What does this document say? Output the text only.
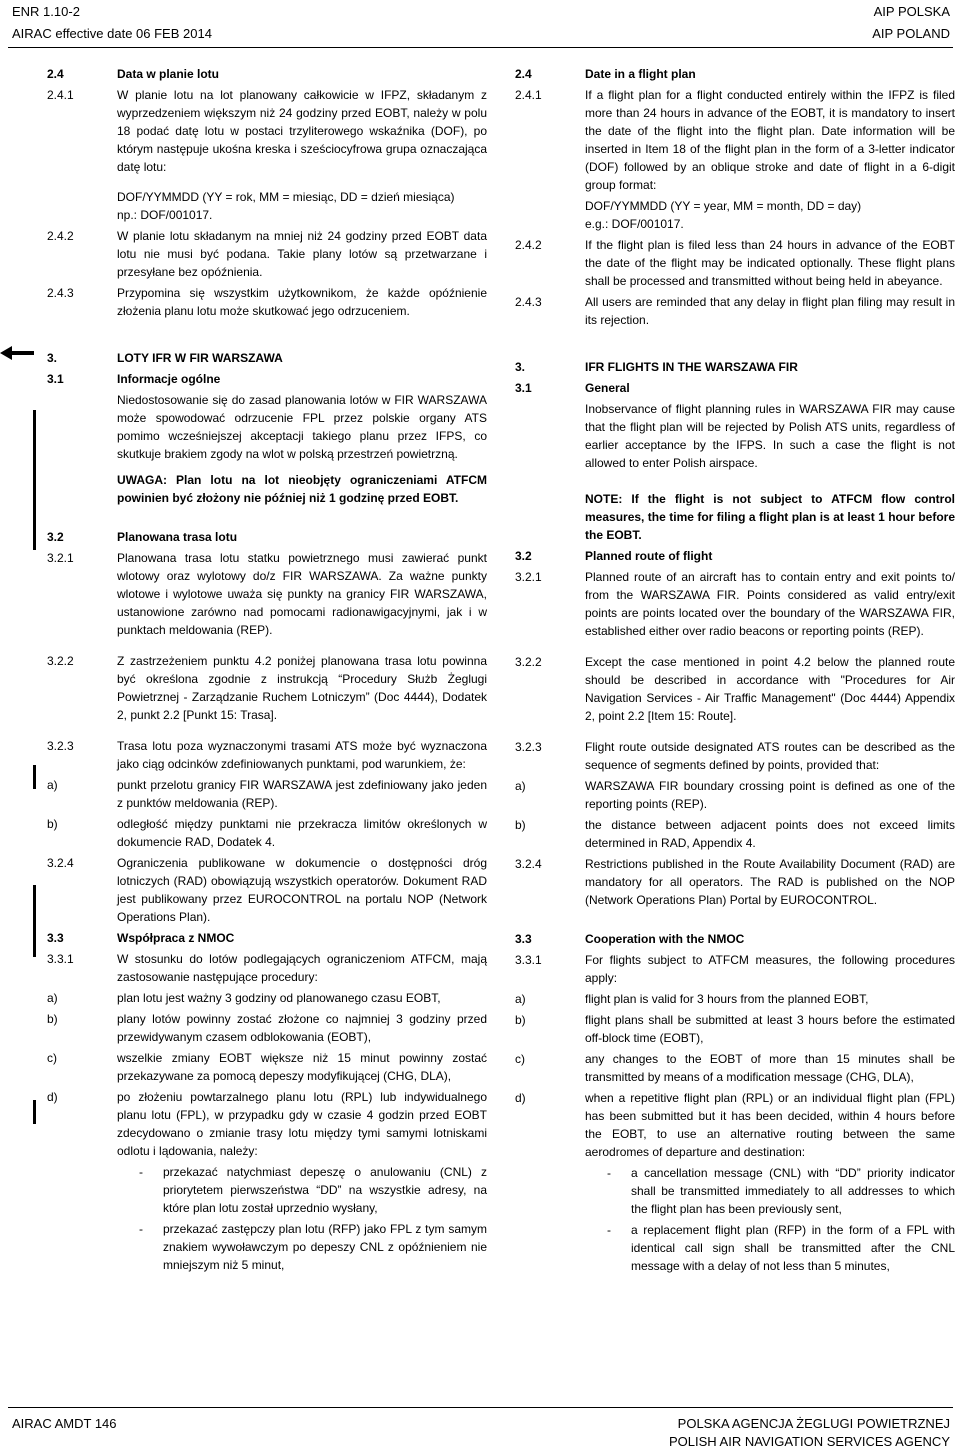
ENR 1.10-2
AIRAC effective date 06 FEB 2014
AIP POLSKA
AIP POLAND
2.4	Data w planie lotu
2.4.1	W planie lotu na lot planowany całkowicie w IFPZ, składanym z wyprzedzeniem większym niż 24 godziny przed EOBT, należy w polu 18 podać datę lotu w postaci trzyliterowego wskaźnika (DOF), po którym następuje ukośna kreska i sześciocyfrowa grupa oznaczająca datę lotu:
DOF/YYMMDD (YY = rok, MM = miesiąc, DD = dzień miesiąca)
np.: DOF/001017.
2.4.2	W planie lotu składanym na mniej niż 24 godziny przed EOBT data lotu nie musi być podana. Takie plany lotów są przetwarzane i przesyłane bez opóźnienia.
2.4.3	Przypomina się wszystkim użytkownikom, że każde opóźnienie złożenia planu lotu może skutkować jego odrzuceniem.
3.	LOTY IFR W FIR WARSZAWA
3.1	Informacje ogólne
Niedostosowanie się do zasad planowania lotów w FIR WARSZAWA może spowodować odrzucenie FPL przez polskie organy ATS pomimo wcześniejszej akceptacji takiego planu przez IFPS, co skutkuje brakiem zgody na wlot w polską przestrzeń powietrzną.
UWAGA: Plan lotu na lot nieobjęty ograniczeniami ATFCM powinien być złożony nie później niż 1 godzinę przed EOBT.
3.2	Planowana trasa lotu
3.2.1	Planowana trasa lotu statku powietrznego musi zawierać punkt wlotowy oraz wylotowy do/z FIR WARSZAWA. Za ważne punkty wlotowe i wylotowe uważa się punkty na granicy FIR WARSZAWA, ustanowione zarówno nad pomocami radionawigacyjnymi, jak i w punktach meldowania (REP).
3.2.2	Z zastrzeżeniem punktu 4.2 poniżej planowana trasa lotu powinna być określona zgodnie z instrukcją “Procedury Służb Żeglugi Powietrznej - Zarządzanie Ruchem Lotniczym” (Doc 4444), Dodatek 2, punkt 2.2 [Punkt 15: Trasa].
3.2.3	Trasa lotu poza wyznaczonymi trasami ATS może być wyznaczona jako ciąg odcinków zdefiniowanych punktami, pod warunkiem, że:
a)	punkt przelotu granicy FIR WARSZAWA jest zdefiniowany jako jeden z punktów meldowania (REP).
b)	odległość między punktami nie przekracza limitów określonych w dokumencie RAD, Dodatek 4.
3.2.4	Ograniczenia publikowane w dokumencie o dostępności dróg lotniczych (RAD) obowiązują wszystkich operatorów. Dokument RAD jest publikowany przez EUROCONTROL na portalu NOP (Network Operations Plan).
3.3	Współpraca z NMOC
3.3.1	W stosunku do lotów podlegających ograniczeniom ATFCM, mają zastosowanie następujące procedury:
a)	plan lotu jest ważny 3 godziny od planowanego czasu EOBT,
b)	plany lotów powinny zostać złożone co najmniej 3 godziny przed przewidywanym czasem odblokowania (EOBT),
c)	wszelkie zmiany EOBT większe niż 15 minut powinny zostać przekazywane za pomocą depeszy modyfikującej (CHG, DLA),
d)	po złożeniu powtarzalnego planu lotu (RPL) lub indywidualnego planu lotu (FPL), w przypadku gdy w czasie 4 godzin przed EOBT zdecydowano o zmianie trasy lotu między tymi samymi lotniskami odlotu i lądowania, należy:
-	przekazać natychmiast depeszę o anulowaniu (CNL) z priorytetem pierwszeństwa “DD” na wszystkie adresy, na które plan lotu został uprzednio wysłany,
-	przekazać zastępczy plan lotu (RFP) jako FPL z tym samym znakiem wywoławczym po depeszy CNL z opóźnieniem nie mniejszym niż 5 minut,
2.4	Date in a flight plan
2.4.1	If a flight plan for a flight conducted entirely within the IFPZ is filed more than 24 hours in advance of the EOBT, it is mandatory to insert the date of the flight into the flight plan. Date information will be inserted in Item 18 of the flight plan in the form of a 3-letter indicator (DOF) followed by an oblique stroke and date of flight in a 6-digit group format:
DOF/YYMMDD (YY = year, MM = month, DD = day)
e.g.: DOF/001017.
2.4.2	If the flight plan is filed less than 24 hours in advance of the EOBT the date of the flight may be indicated optionally. These flight plans shall be processed and transmitted without being held in abeyance.
2.4.3	All users are reminded that any delay in flight plan filing may result in its rejection.
3.	IFR FLIGHTS IN THE WARSZAWA FIR
3.1	General
Inobservance of flight planning rules in WARSZAWA FIR may cause that the flight plan will be rejected by Polish ATS units, regardless of earlier acceptance by the IFPS. In such a case the flight is not allowed to enter Polish airspace.
NOTE: If the flight is not subject to ATFCM flow control measures, the time for filing a flight plan is at least 1 hour before the EOBT.
3.2	Planned route of flight
3.2.1	Planned route of an aircraft has to contain entry and exit points to/ from the WARSZAWA FIR. Points considered as valid entry/exit points are points located over the boundary of the WARSZAWA FIR, established either over radio beacons or reporting points (REP).
3.2.2	Except the case mentioned in point 4.2 below the planned route should be described in accordance with "Procedures for Air Navigation Services - Air Traffic Management" (Doc 4444) Appendix 2, point 2.2 [Item 15: Route].
3.2.3	Flight route outside designated ATS routes can be described as the sequence of segments defined by points, provided that:
a)	WARSZAWA FIR boundary crossing point is defined as one of the reporting points (REP).
b)	the distance between adjacent points does not exceed limits determined in RAD, Appendix 4.
3.2.4	Restrictions published in the Route Availability Document (RAD) are mandatory for all operators. The RAD is published on the NOP (Network Operations Plan) Portal by EUROCONTROL.
3.3	Cooperation with the NMOC
3.3.1	For flights subject to ATFCM measures, the following procedures apply:
a)	flight plan is valid for 3 hours from the planned EOBT,
b)	flight plans shall be submitted at least 3 hours before the estimated off-block time (EOBT),
c)	any changes to the EOBT of more than 15 minutes shall be transmitted by means of a modification message (CHG, DLA),
d)	when a repetitive flight plan (RPL) or an individual flight plan (FPL) has been submitted but it has been decided, within 4 hours before the EOBT, to use an alternative routing between the same aerodromes of departure and destination:
-	a cancellation message (CNL) with “DD” priority indicator shall be transmitted immediately to all addresses to which the flight plan has been previously sent,
-	a replacement flight plan (RFP) in the form of a FPL with identical call sign shall be transmitted after the CNL message with a delay of not less than 5 minutes,
AIRAC AMDT 146	POLSKA AGENCJA ŻEGLUGI POWIETRZNEJ
POLISH AIR NAVIGATION SERVICES AGENCY
